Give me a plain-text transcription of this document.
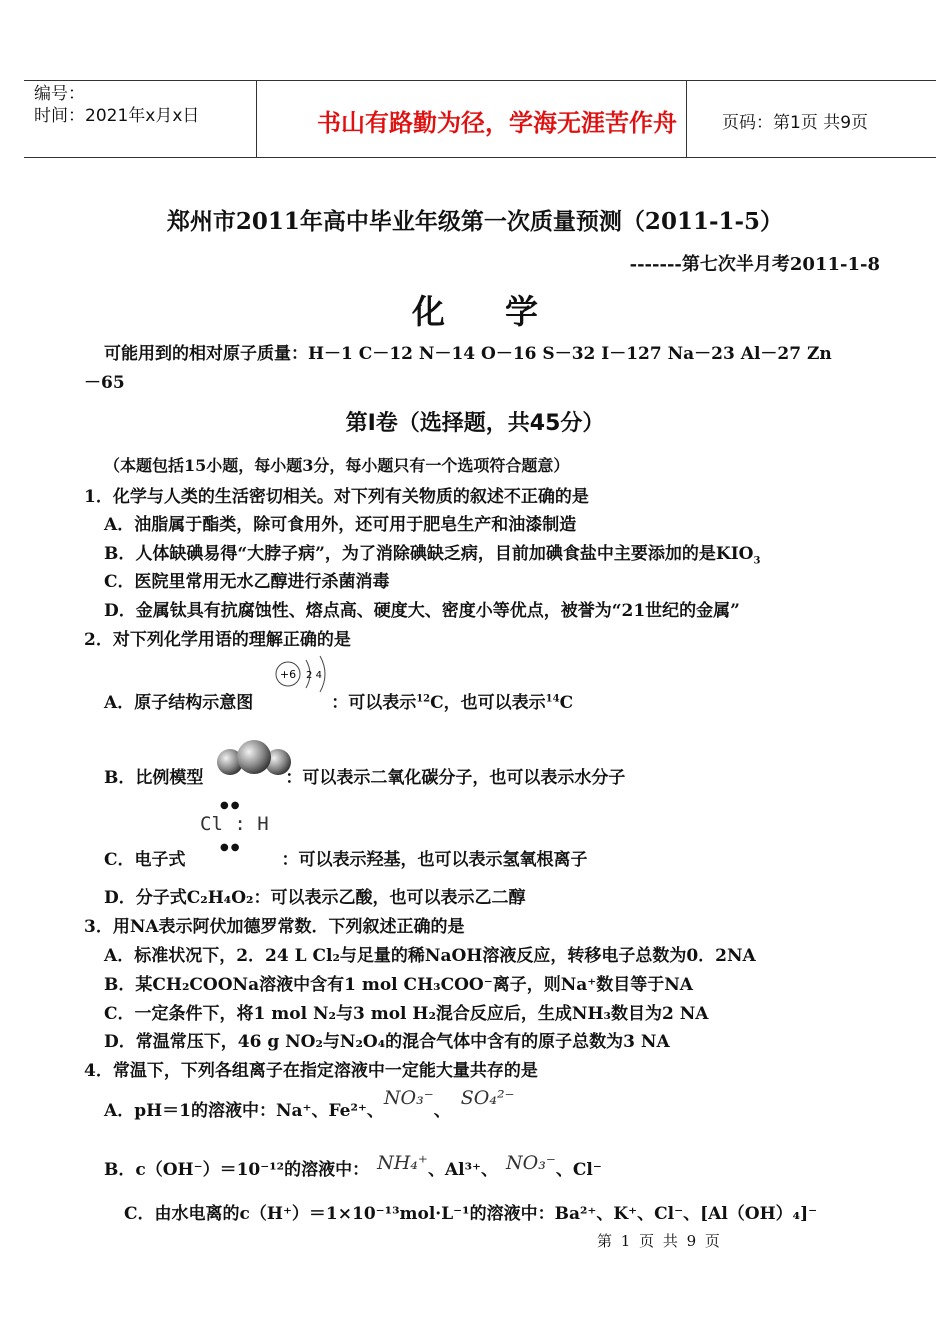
编号：
时间：2021年x月x日	书山有路勤为径，学海无涯苦作舟	页码：第1页 共9页
郑州市2011年高中毕业年级第一次质量预测（2011-1-5）
-------第七次半月考2011-1-8
化学
可能用到的相对原子质量：H－1 C－12 N－14 O－16 S－32 I－127 Na－23 Al－27 Zn
－65
第Ⅰ卷（选择题，共45分）
（本题包括15小题，每小题3分，每小题只有一个选项符合题意）
1．化学与人类的生活密切相关。对下列有关物质的叙述不正确的是
A．油脂属于酯类，除可食用外，还可用于肥皂生产和油漆制造
B．人体缺碘易得“大脖子病”，为了消除碘缺乏病，目前加碘食盐中主要添加的是$KIO_3$
C．医院里常用无水乙醇进行杀菌消毒
D．金属钛具有抗腐蚀性、熔点高、硬度大、密度小等优点，被誉为“21世纪的金属”
2．对下列化学用语的理解正确的是
+6 2 4
A．原子结构示意图	：可以表示$^{12}$C，也可以表示$^{14}$C
B．比例模型	：可以表示二氧化碳分子，也可以表示水分子
●●
Cl : H
●●
C．电子式	：可以表示羟基，也可以表示氢氧根离子
D．分子式C₂H₄O₂：可以表示乙酸，也可以表示乙二醇
3．用NA表示阿伏加德罗常数．下列叙述正确的是
A．标准状况下，2．24 L Cl₂与足量的稀NaOH溶液反应，转移电子总数为0．2NA
B．某CH₂COONa溶液中含有1 mol CH₃COO⁻离子，则Na⁺数目等于NA
C．一定条件下，将1 mol N₂与3 mol H₂混合反应后，生成NH₃数目为2 NA
D．常温常压下，46 g NO₂与N₂O₄的混合气体中含有的原子总数为3 NA
4．常温下，下列各组离子在指定溶液中一定能大量共存的是
A．pH＝1的溶液中：Na⁺、Fe²⁺、NO₃⁻、SO₄²⁻
B．c（OH⁻）＝10⁻¹²的溶液中： NH₄⁺、Al³⁺、 NO₃⁻、Cl⁻
C．由水电离的c（H⁺）＝1×10⁻¹³mol·L⁻¹的溶液中：Ba²⁺、K⁺、Cl⁻、[Al（OH）₄]⁻
第 1 页 共 9 页
